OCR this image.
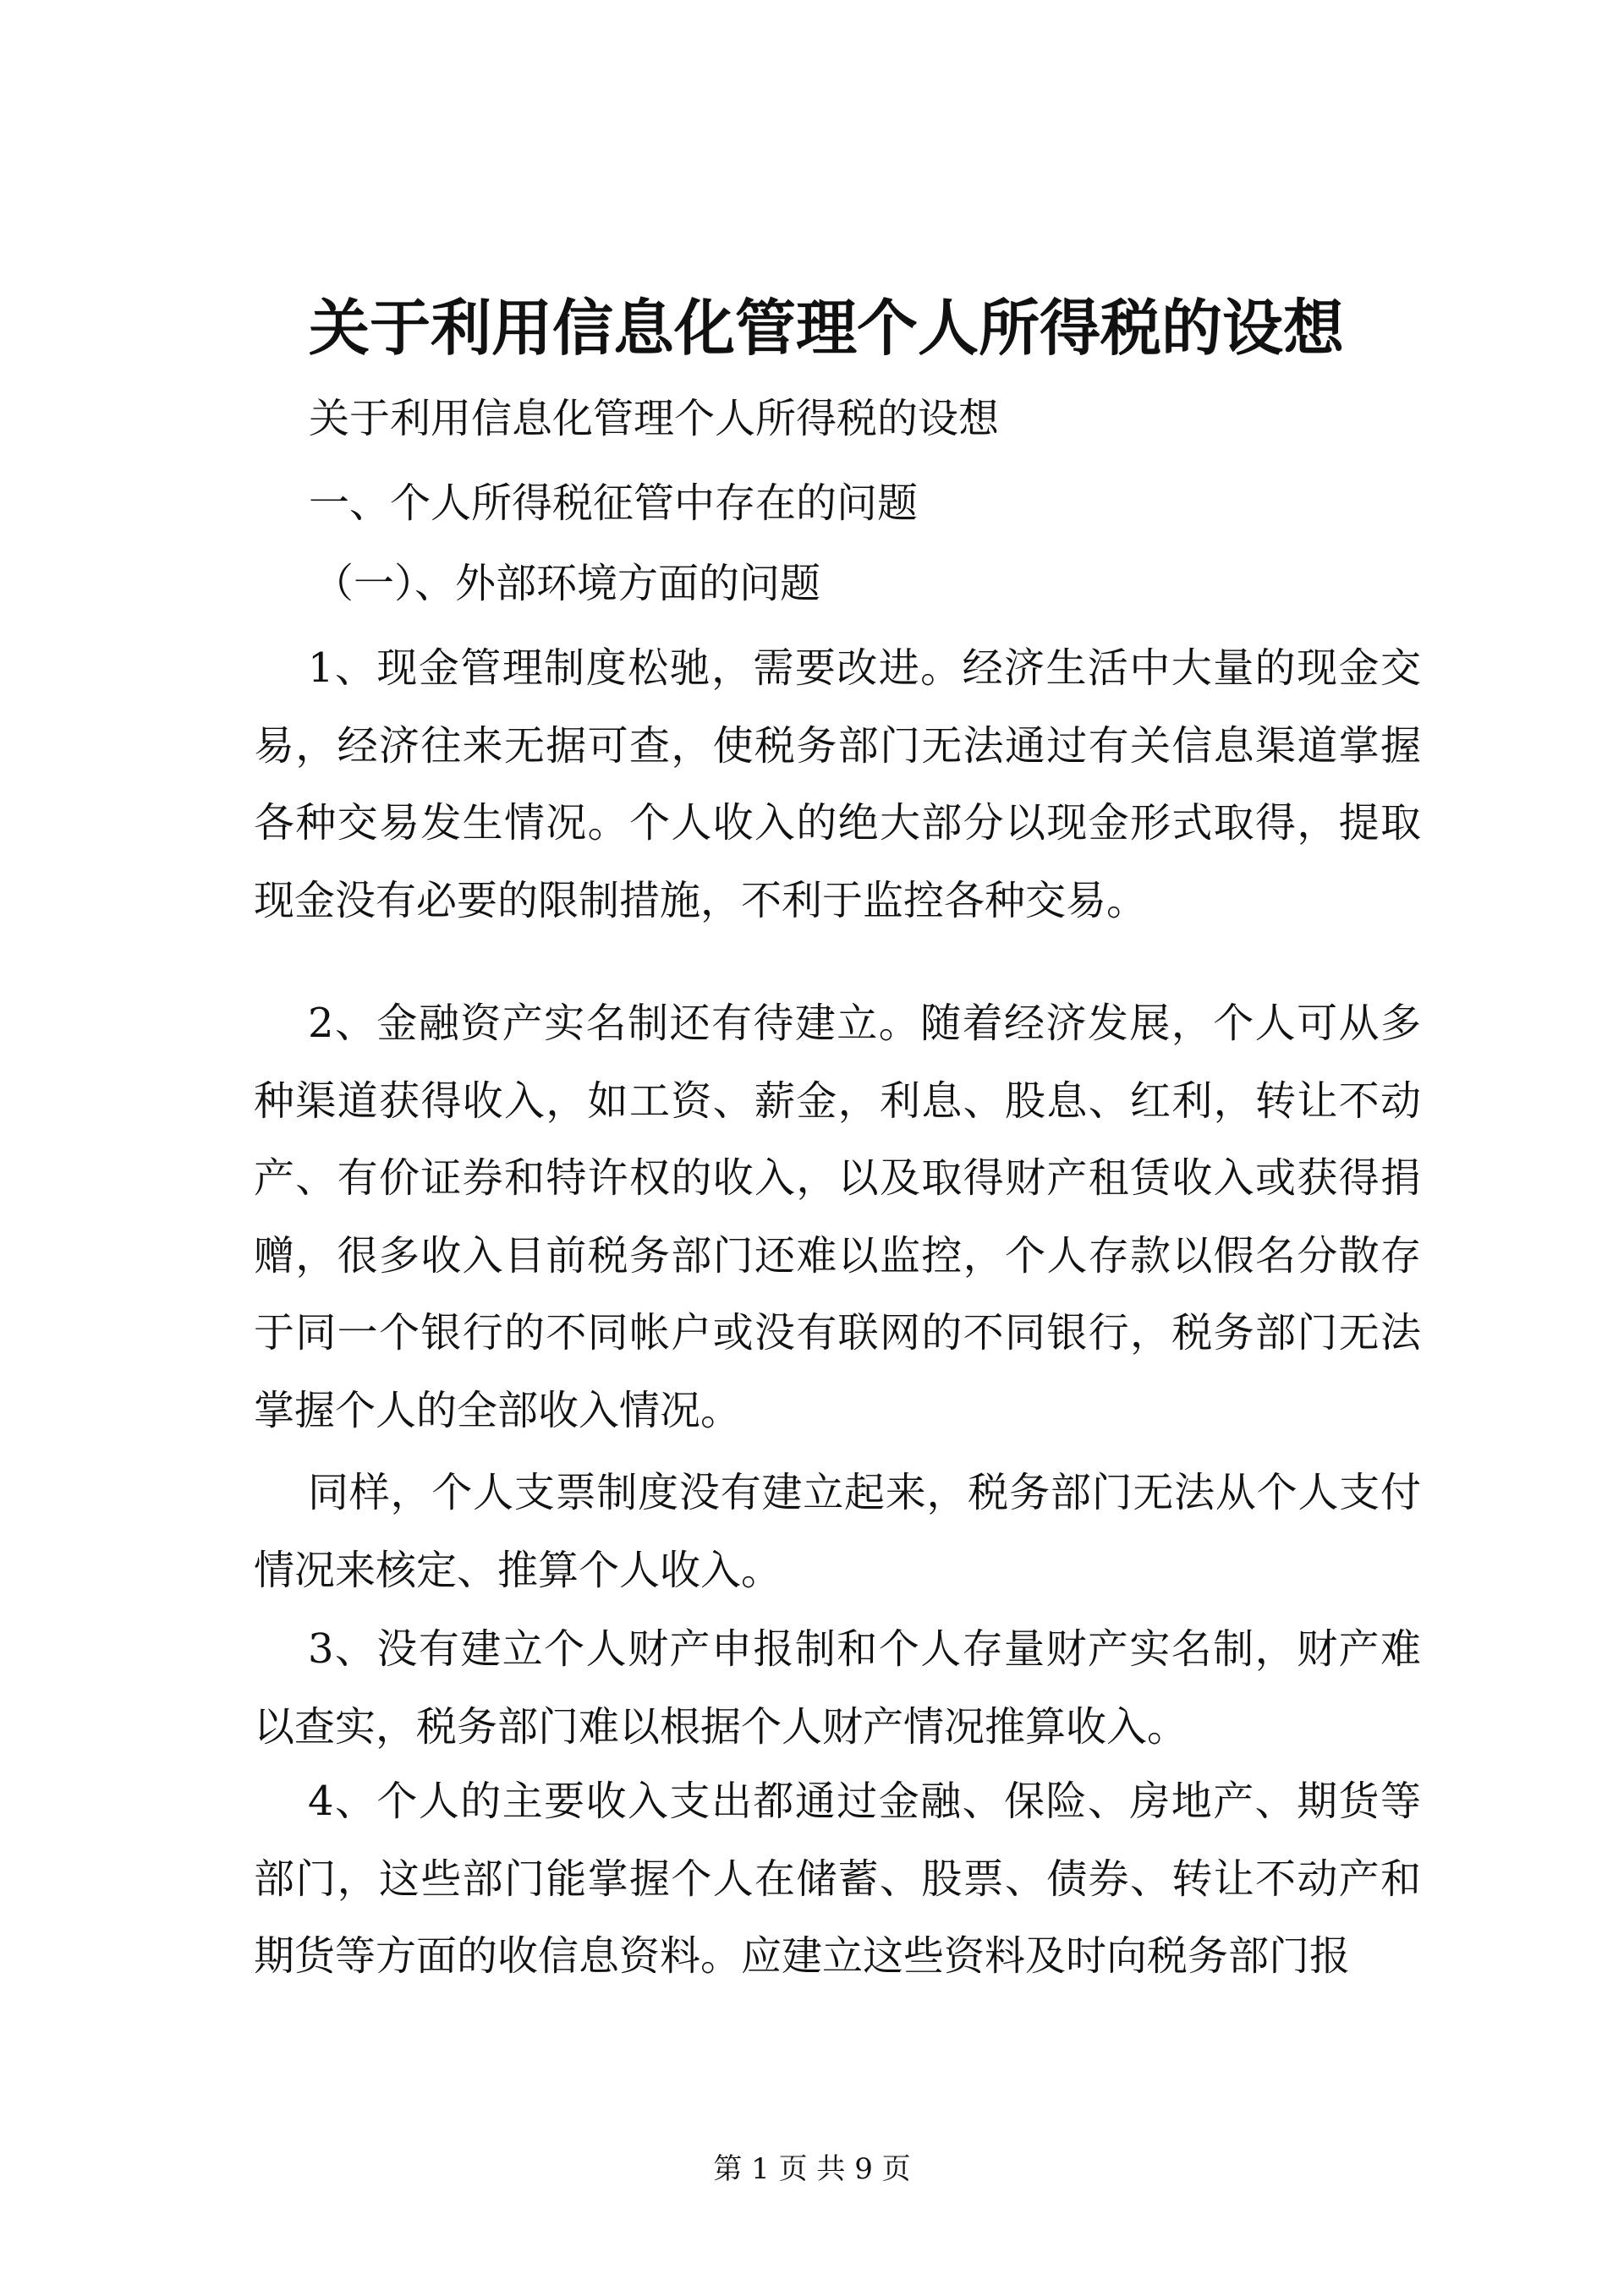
关于利用信息化管理个人所得税的设想
关于利用信息化管理个人所得税的设想
一、个人所得税征管中存在的问题
（一）、外部环境方面的问题
1、现金管理制度松驰，需要改进。经济生活中大量的现金交易，经济往来无据可查，使税务部门无法通过有关信息渠道掌握各种交易发生情况。个人收入的绝大部分以现金形式取得，提取现金没有必要的限制措施，不利于监控各种交易。
2、金融资产实名制还有待建立。随着经济发展，个人可从多种渠道获得收入，如工资、薪金，利息、股息、红利，转让不动产、有价证券和特许权的收入，以及取得财产租赁收入或获得捐赠，很多收入目前税务部门还难以监控，个人存款以假名分散存于同一个银行的不同帐户或没有联网的不同银行，税务部门无法掌握个人的全部收入情况。
同样，个人支票制度没有建立起来，税务部门无法从个人支付情况来核定、推算个人收入。
3、没有建立个人财产申报制和个人存量财产实名制，财产难以查实，税务部门难以根据个人财产情况推算收入。
4、个人的主要收入支出都通过金融、保险、房地产、期货等部门，这些部门能掌握个人在储蓄、股票、债券、转让不动产和期货等方面的收信息资料。应建立这些资料及时向税务部门报
第 1 页 共 9 页
